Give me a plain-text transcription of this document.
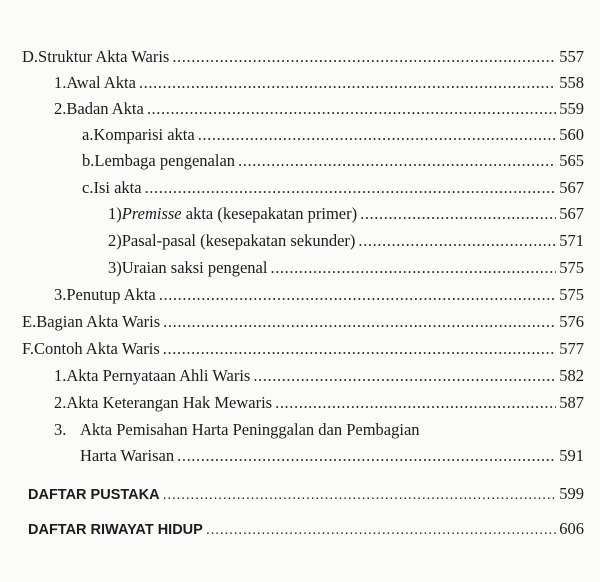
D. Struktur Akta Waris .....	557
1. Awal Akta .....	558
2. Badan Akta .....	559
a. Komparisi akta .....	560
b. Lembaga pengenalan .....	565
c. Isi akta .....	567
1) Premisse akta (kesepakatan primer) .....	567
2) Pasal-pasal (kesepakatan sekunder) .....	571
3) Uraian saksi pengenal .....	575
3. Penutup Akta .....	575
E. Bagian Akta Waris .....	576
F. Contoh Akta Waris .....	577
1. Akta Pernyataan Ahli Waris .....	582
2. Akta Keterangan Hak Mewaris .....	587
3. Akta Pemisahan Harta Peninggalan dan Pembagian
Harta Warisan .....	591
DAFTAR PUSTAKA .....	599
DAFTAR RIWAYAT HIDUP .....	606
